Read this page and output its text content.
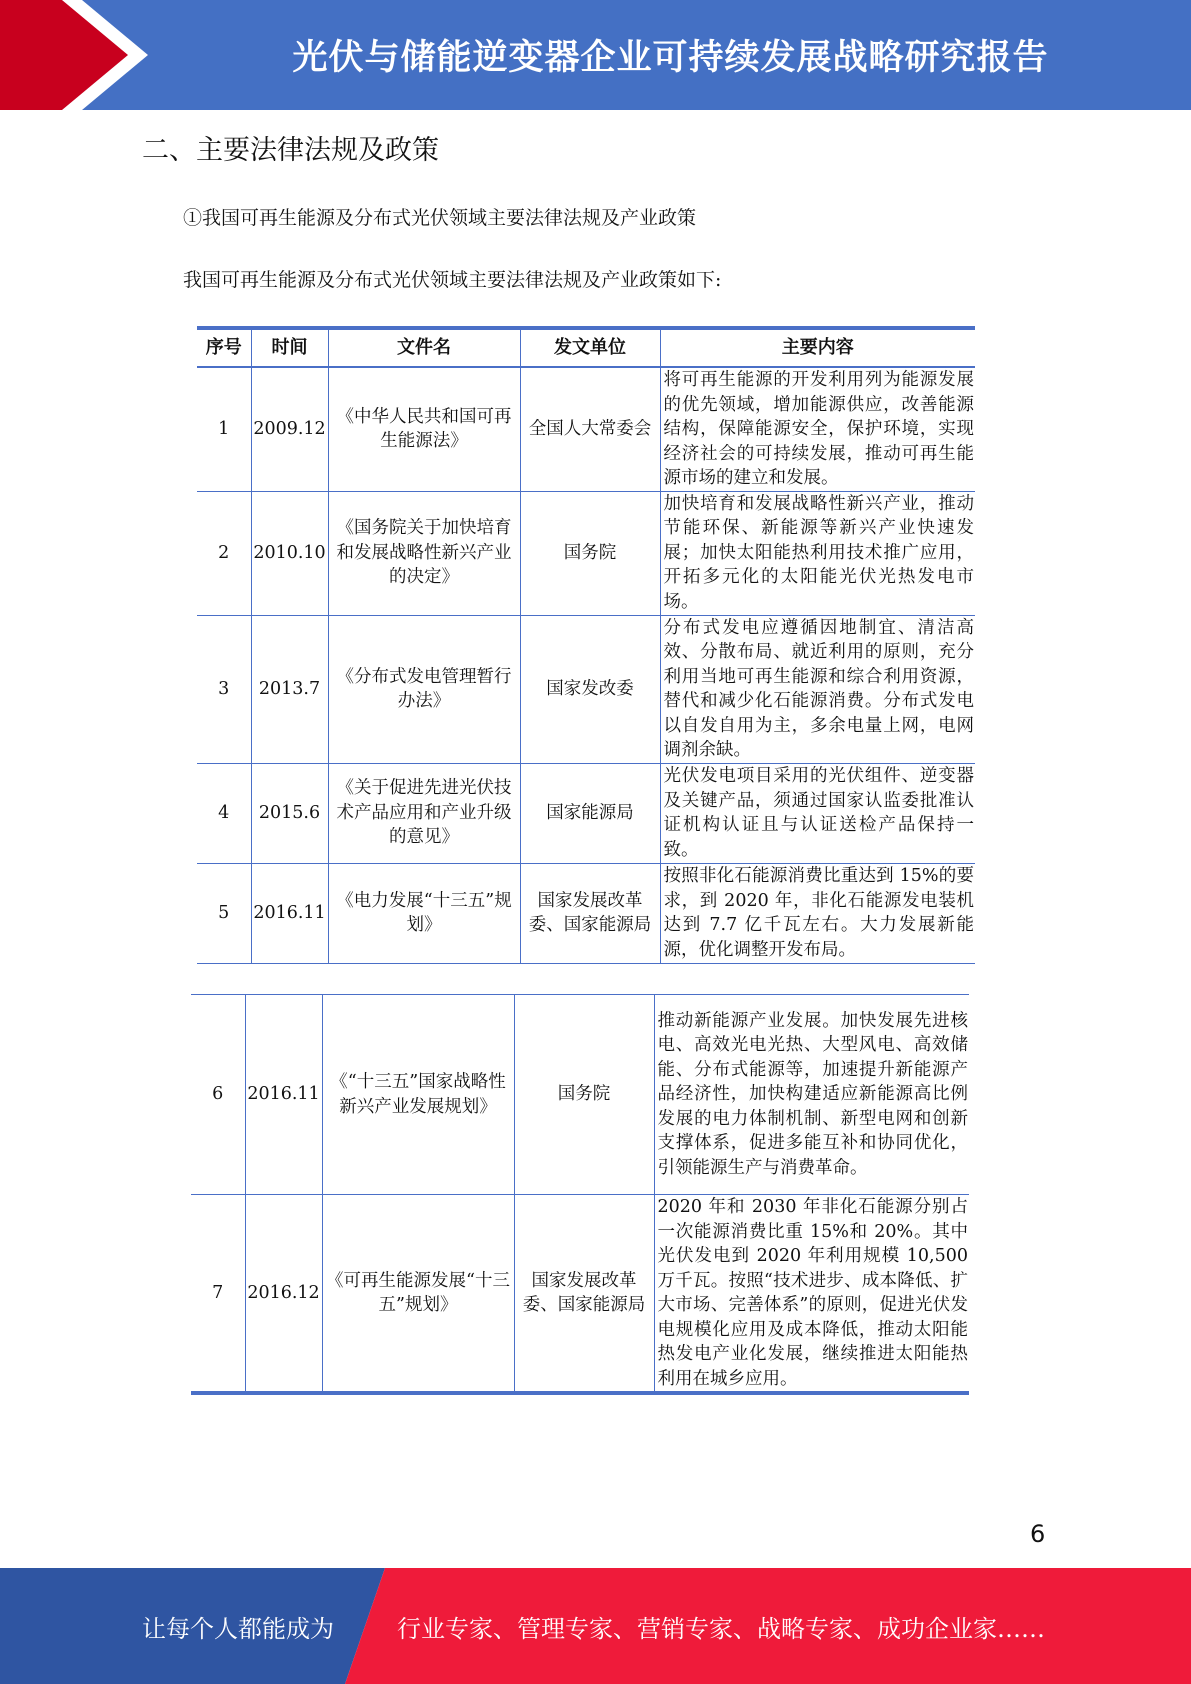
光伏与储能逆变器企业可持续发展战略研究报告
二、主要法律法规及政策
①我国可再生能源及分布式光伏领域主要法律法规及产业政策
我国可再生能源及分布式光伏领域主要法律法规及产业政策如下:
序号	时间	文件名	发文单位	主要内容
1	2009.12	《中华人民共和国可再生能源法》	全国人大常委会	将可再生能源的开发利用列为能源发展的优先领域，增加能源供应，改善能源结构，保障能源安全，保护环境，实现经济社会的可持续发展，推动可再生能源市场的建立和发展。
2	2010.10	《国务院关于加快培育和发展战略性新兴产业的决定》	国务院	加快培育和发展战略性新兴产业，推动节能环保、新能源等新兴产业快速发展；加快太阳能热利用技术推广应用，开拓多元化的太阳能光伏光热发电市场。
3	2013.7	《分布式发电管理暂行办法》	国家发改委	分布式发电应遵循因地制宜、清洁高效、分散布局、就近利用的原则，充分利用当地可再生能源和综合利用资源，替代和减少化石能源消费。分布式发电以自发自用为主，多余电量上网，电网调剂余缺。
4	2015.6	《关于促进先进光伏技术产品应用和产业升级的意见》	国家能源局	光伏发电项目采用的光伏组件、逆变器及关键产品，须通过国家认监委批准认证机构认证且与认证送检产品保持一致。
5	2016.11	《电力发展“十三五”规划》	国家发展改革委、国家能源局	按照非化石能源消费比重达到 15%的要求，到 2020 年，非化石能源发电装机达到 7.7 亿千瓦左右。大力发展新能源，优化调整开发布局。
6	2016.11	《“十三五”国家战略性新兴产业发展规划》	国务院	推动新能源产业发展。加快发展先进核电、高效光电光热、大型风电、高效储能、分布式能源等，加速提升新能源产品经济性，加快构建适应新能源高比例发展的电力体制机制、新型电网和创新支撑体系，促进多能互补和协同优化，引领能源生产与消费革命。
7	2016.12	《可再生能源发展“十三五”规划》	国家发展改革委、国家能源局	2020 年和 2030 年非化石能源分别占一次能源消费比重 15%和 20%。其中光伏发电到 2020 年利用规模 10,500 万千瓦。按照“技术进步、成本降低、扩大市场、完善体系”的原则，促进光伏发电规模化应用及成本降低，推动太阳能热发电产业化发展，继续推进太阳能热利用在城乡应用。
6
让每个人都能成为	行业专家、管理专家、营销专家、战略专家、成功企业家……
